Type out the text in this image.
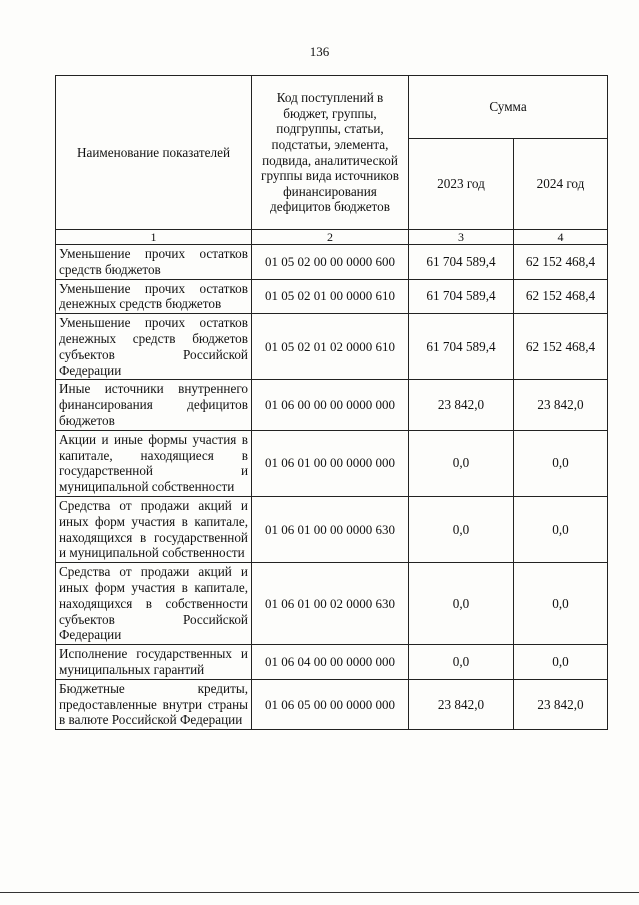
136
Наименование показателей	Код поступлений в бюджет, группы, подгруппы, статьи, подстатьи, элемента, подвида, аналитической группы вида источников финансирования дефицитов бюджетов	Сумма	
		2023 год	2024 год
1	2	3	4
Уменьшение прочих остатков средств бюджетов	01 05 02 00 00 0000 600	61 704 589,4	62 152 468,4
Уменьшение прочих остатков денежных средств бюджетов	01 05 02 01 00 0000 610	61 704 589,4	62 152 468,4
Уменьшение прочих остатков денежных средств бюджетов субъектов Российской Федерации	01 05 02 01 02 0000 610	61 704 589,4	62 152 468,4
Иные источники внутреннего финансирования дефицитов бюджетов	01 06 00 00 00 0000 000	23 842,0	23 842,0
Акции и иные формы участия в капитале, находящиеся в государственной и муниципальной собственности	01 06 01 00 00 0000 000	0,0	0,0
Средства от продажи акций и иных форм участия в капитале, находящихся в государственной и муниципальной собственности	01 06 01 00 00 0000 630	0,0	0,0
Средства от продажи акций и иных форм участия в капитале, находящихся в собственности субъектов Российской Федерации	01 06 01 00 02 0000 630	0,0	0,0
Исполнение государственных и муниципальных гарантий	01 06 04 00 00 0000 000	0,0	0,0
Бюджетные кредиты, предоставленные внутри страны в валюте Российской Федерации	01 06 05 00 00 0000 000	23 842,0	23 842,0
